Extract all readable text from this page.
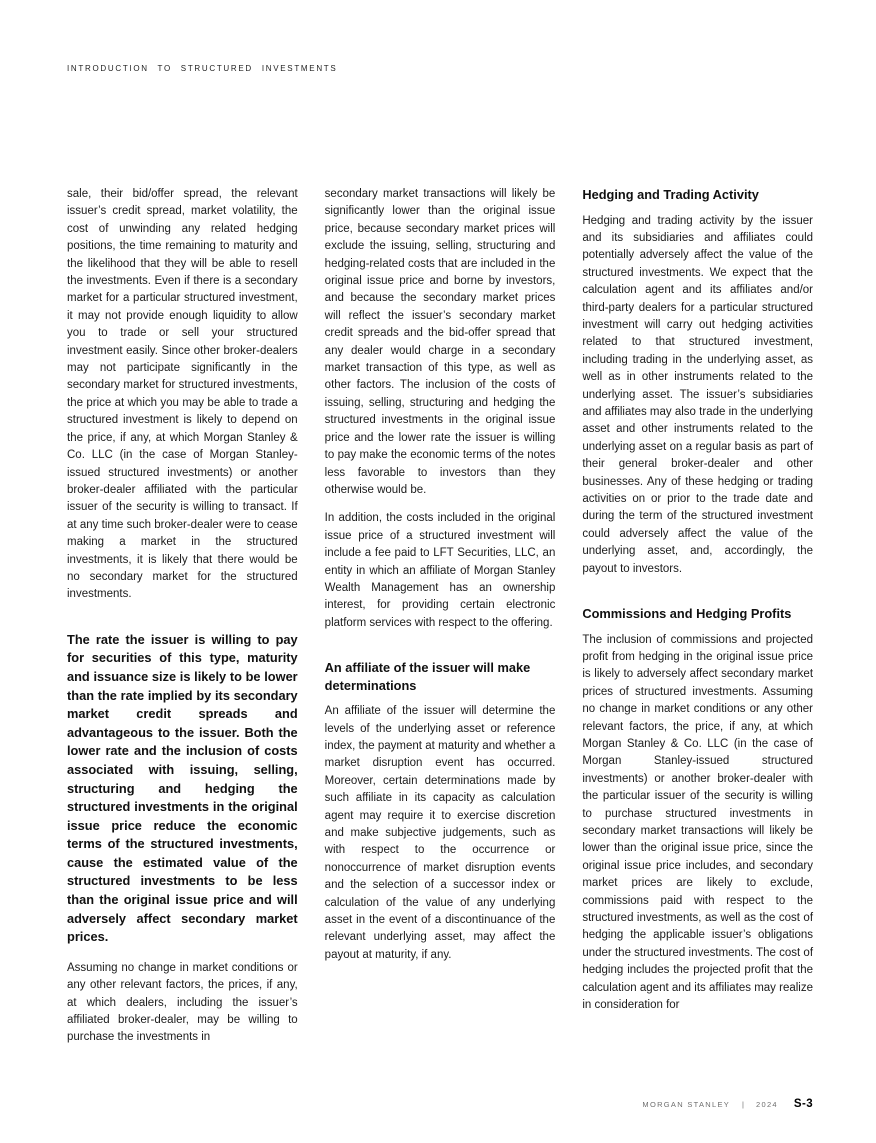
INTRODUCTION TO STRUCTURED INVESTMENTS

sale, their bid/offer spread, the relevant issuer’s credit spread, market volatility, the cost of unwinding any related hedging positions, the time remaining to maturity and the likelihood that they will be able to resell the investments. Even if there is a secondary market for a particular structured investment, it may not provide enough liquidity to allow you to trade or sell your structured investment easily. Since other broker-dealers may not participate significantly in the secondary market for structured investments, the price at which you may be able to trade a structured investment is likely to depend on the price, if any, at which Morgan Stanley & Co. LLC (in the case of Morgan Stanley-issued structured investments) or another broker-dealer affiliated with the particular issuer of the security is willing to transact. If at any time such broker-dealer were to cease making a market in the structured investments, it is likely that there would be no secondary market for the structured investments.

The rate the issuer is willing to pay for securities of this type, maturity and issuance size is likely to be lower than the rate implied by its secondary market credit spreads and advantageous to the issuer. Both the lower rate and the inclusion of costs associated with issuing, selling, structuring and hedging the structured investments in the original issue price reduce the economic terms of the structured investments, cause the estimated value of the structured investments to be less than the original issue price and will adversely affect secondary market prices.

Assuming no change in market conditions or any other relevant factors, the prices, if any, at which dealers, including the issuer’s affiliated broker-dealer, may be willing to purchase the investments in

secondary market transactions will likely be significantly lower than the original issue price, because secondary market prices will exclude the issuing, selling, structuring and hedging-related costs that are included in the original issue price and borne by investors, and because the secondary market prices will reflect the issuer’s secondary market credit spreads and the bid-offer spread that any dealer would charge in a secondary market transaction of this type, as well as other factors. The inclusion of the costs of issuing, selling, structuring and hedging the structured investments in the original issue price and the lower rate the issuer is willing to pay make the economic terms of the notes less favorable to investors than they otherwise would be.

In addition, the costs included in the original issue price of a structured investment will include a fee paid to LFT Securities, LLC, an entity in which an affiliate of Morgan Stanley Wealth Management has an ownership interest, for providing certain electronic platform services with respect to the offering.

An affiliate of the issuer will make determinations

An affiliate of the issuer will determine the levels of the underlying asset or reference index, the payment at maturity and whether a market disruption event has occurred. Moreover, certain determinations made by such affiliate in its capacity as calculation agent may require it to exercise discretion and make subjective judgements, such as with respect to the occurrence or nonoccurrence of market disruption events and the selection of a successor index or calculation of the value of any underlying asset in the event of a discontinuance of the relevant underlying asset, may affect the payout at maturity, if any.

Hedging and Trading Activity

Hedging and trading activity by the issuer and its subsidiaries and affiliates could potentially adversely affect the value of the structured investments. We expect that the calculation agent and its affiliates and/or third-party dealers for a particular structured investment will carry out hedging activities related to that structured investment, including trading in the underlying asset, as well as in other instruments related to the underlying asset. The issuer’s subsidiaries and affiliates may also trade in the underlying asset and other instruments related to the underlying asset on a regular basis as part of their general broker-dealer and other businesses. Any of these hedging or trading activities on or prior to the trade date and during the term of the structured investment could adversely affect the value of the underlying asset, and, accordingly, the payout to investors.

Commissions and Hedging Profits

The inclusion of commissions and projected profit from hedging in the original issue price is likely to adversely affect secondary market prices of structured investments. Assuming no change in market conditions or any other relevant factors, the price, if any, at which Morgan Stanley & Co. LLC (in the case of Morgan Stanley-issued structured investments) or another broker-dealer with the particular issuer of the security is willing to purchase structured investments in secondary market transactions will likely be lower than the original issue price, since the original issue price includes, and secondary market prices are likely to exclude, commissions paid with respect to the structured investments, as well as the cost of hedging the applicable issuer’s obligations under the structured investments. The cost of hedging includes the projected profit that the calculation agent and its affiliates may realize in consideration for

MORGAN STANLEY | 2024 S-3
